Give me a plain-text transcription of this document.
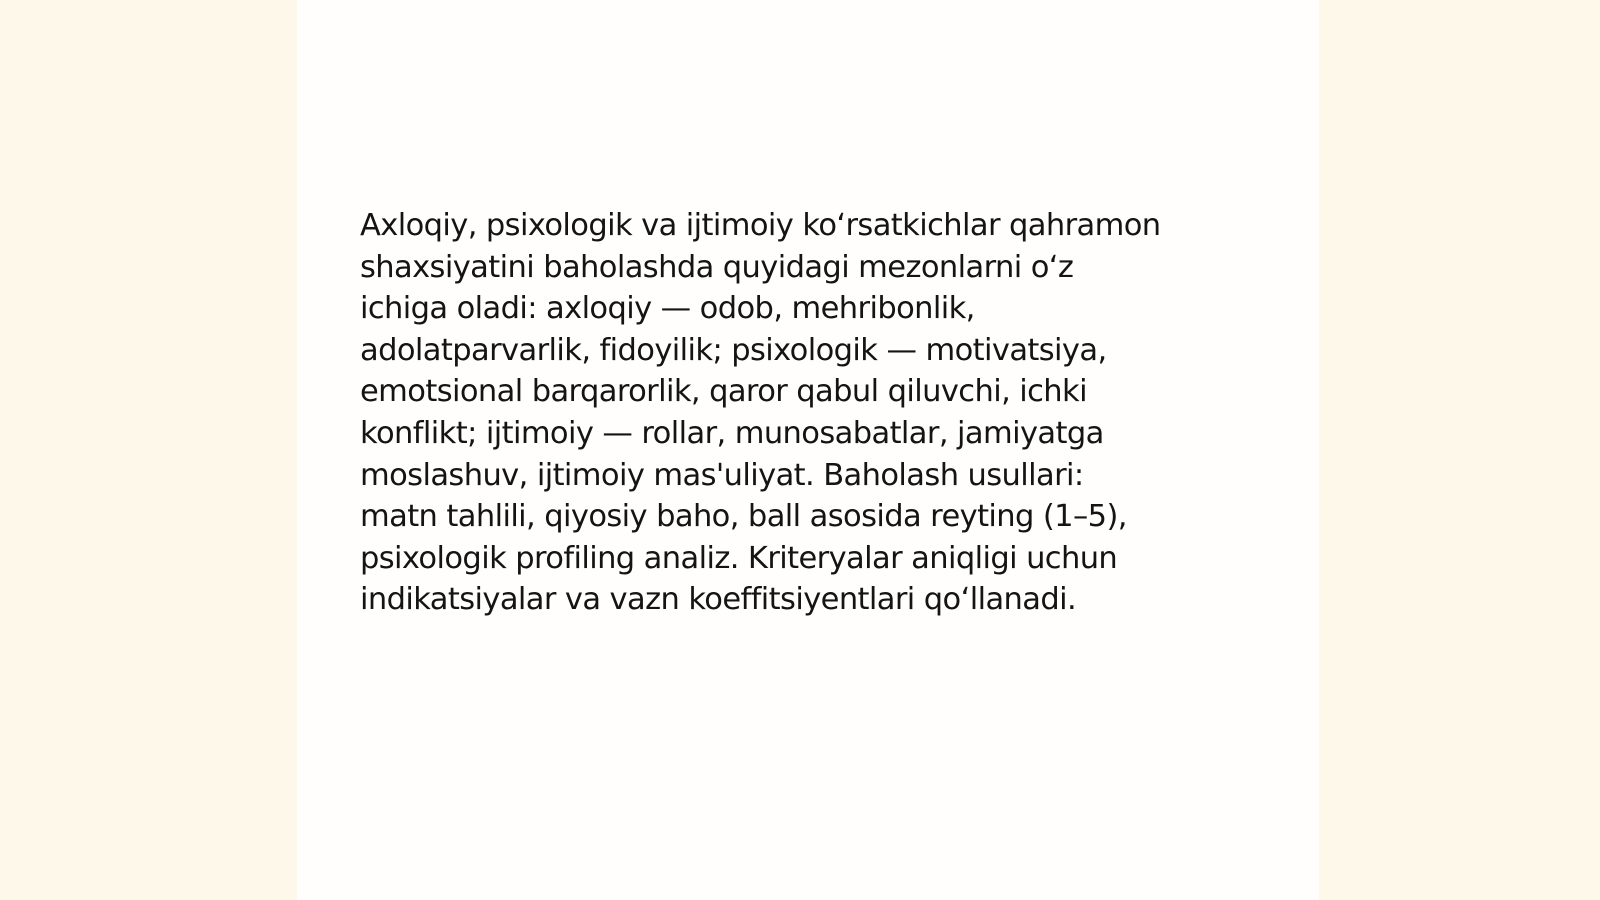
Axloqiy, psixologik va ijtimoiy ko‘rsatkichlar qahramon
shaxsiyatini baholashda quyidagi mezonlarni o‘z
ichiga oladi: axloqiy — odob, mehribonlik,
adolatparvarlik, fidoyilik; psixologik — motivatsiya,
emotsional barqarorlik, qaror qabul qiluvchi, ichki
konflikt; ijtimoiy — rollar, munosabatlar, jamiyatga
moslashuv, ijtimoiy mas'uliyat. Baholash usullari:
matn tahlili, qiyosiy baho, ball asosida reyting (1–5),
psixologik profiling analiz. Kriteryalar aniqligi uchun
indikatsiyalar va vazn koeffitsiyentlari qo‘llanadi.
